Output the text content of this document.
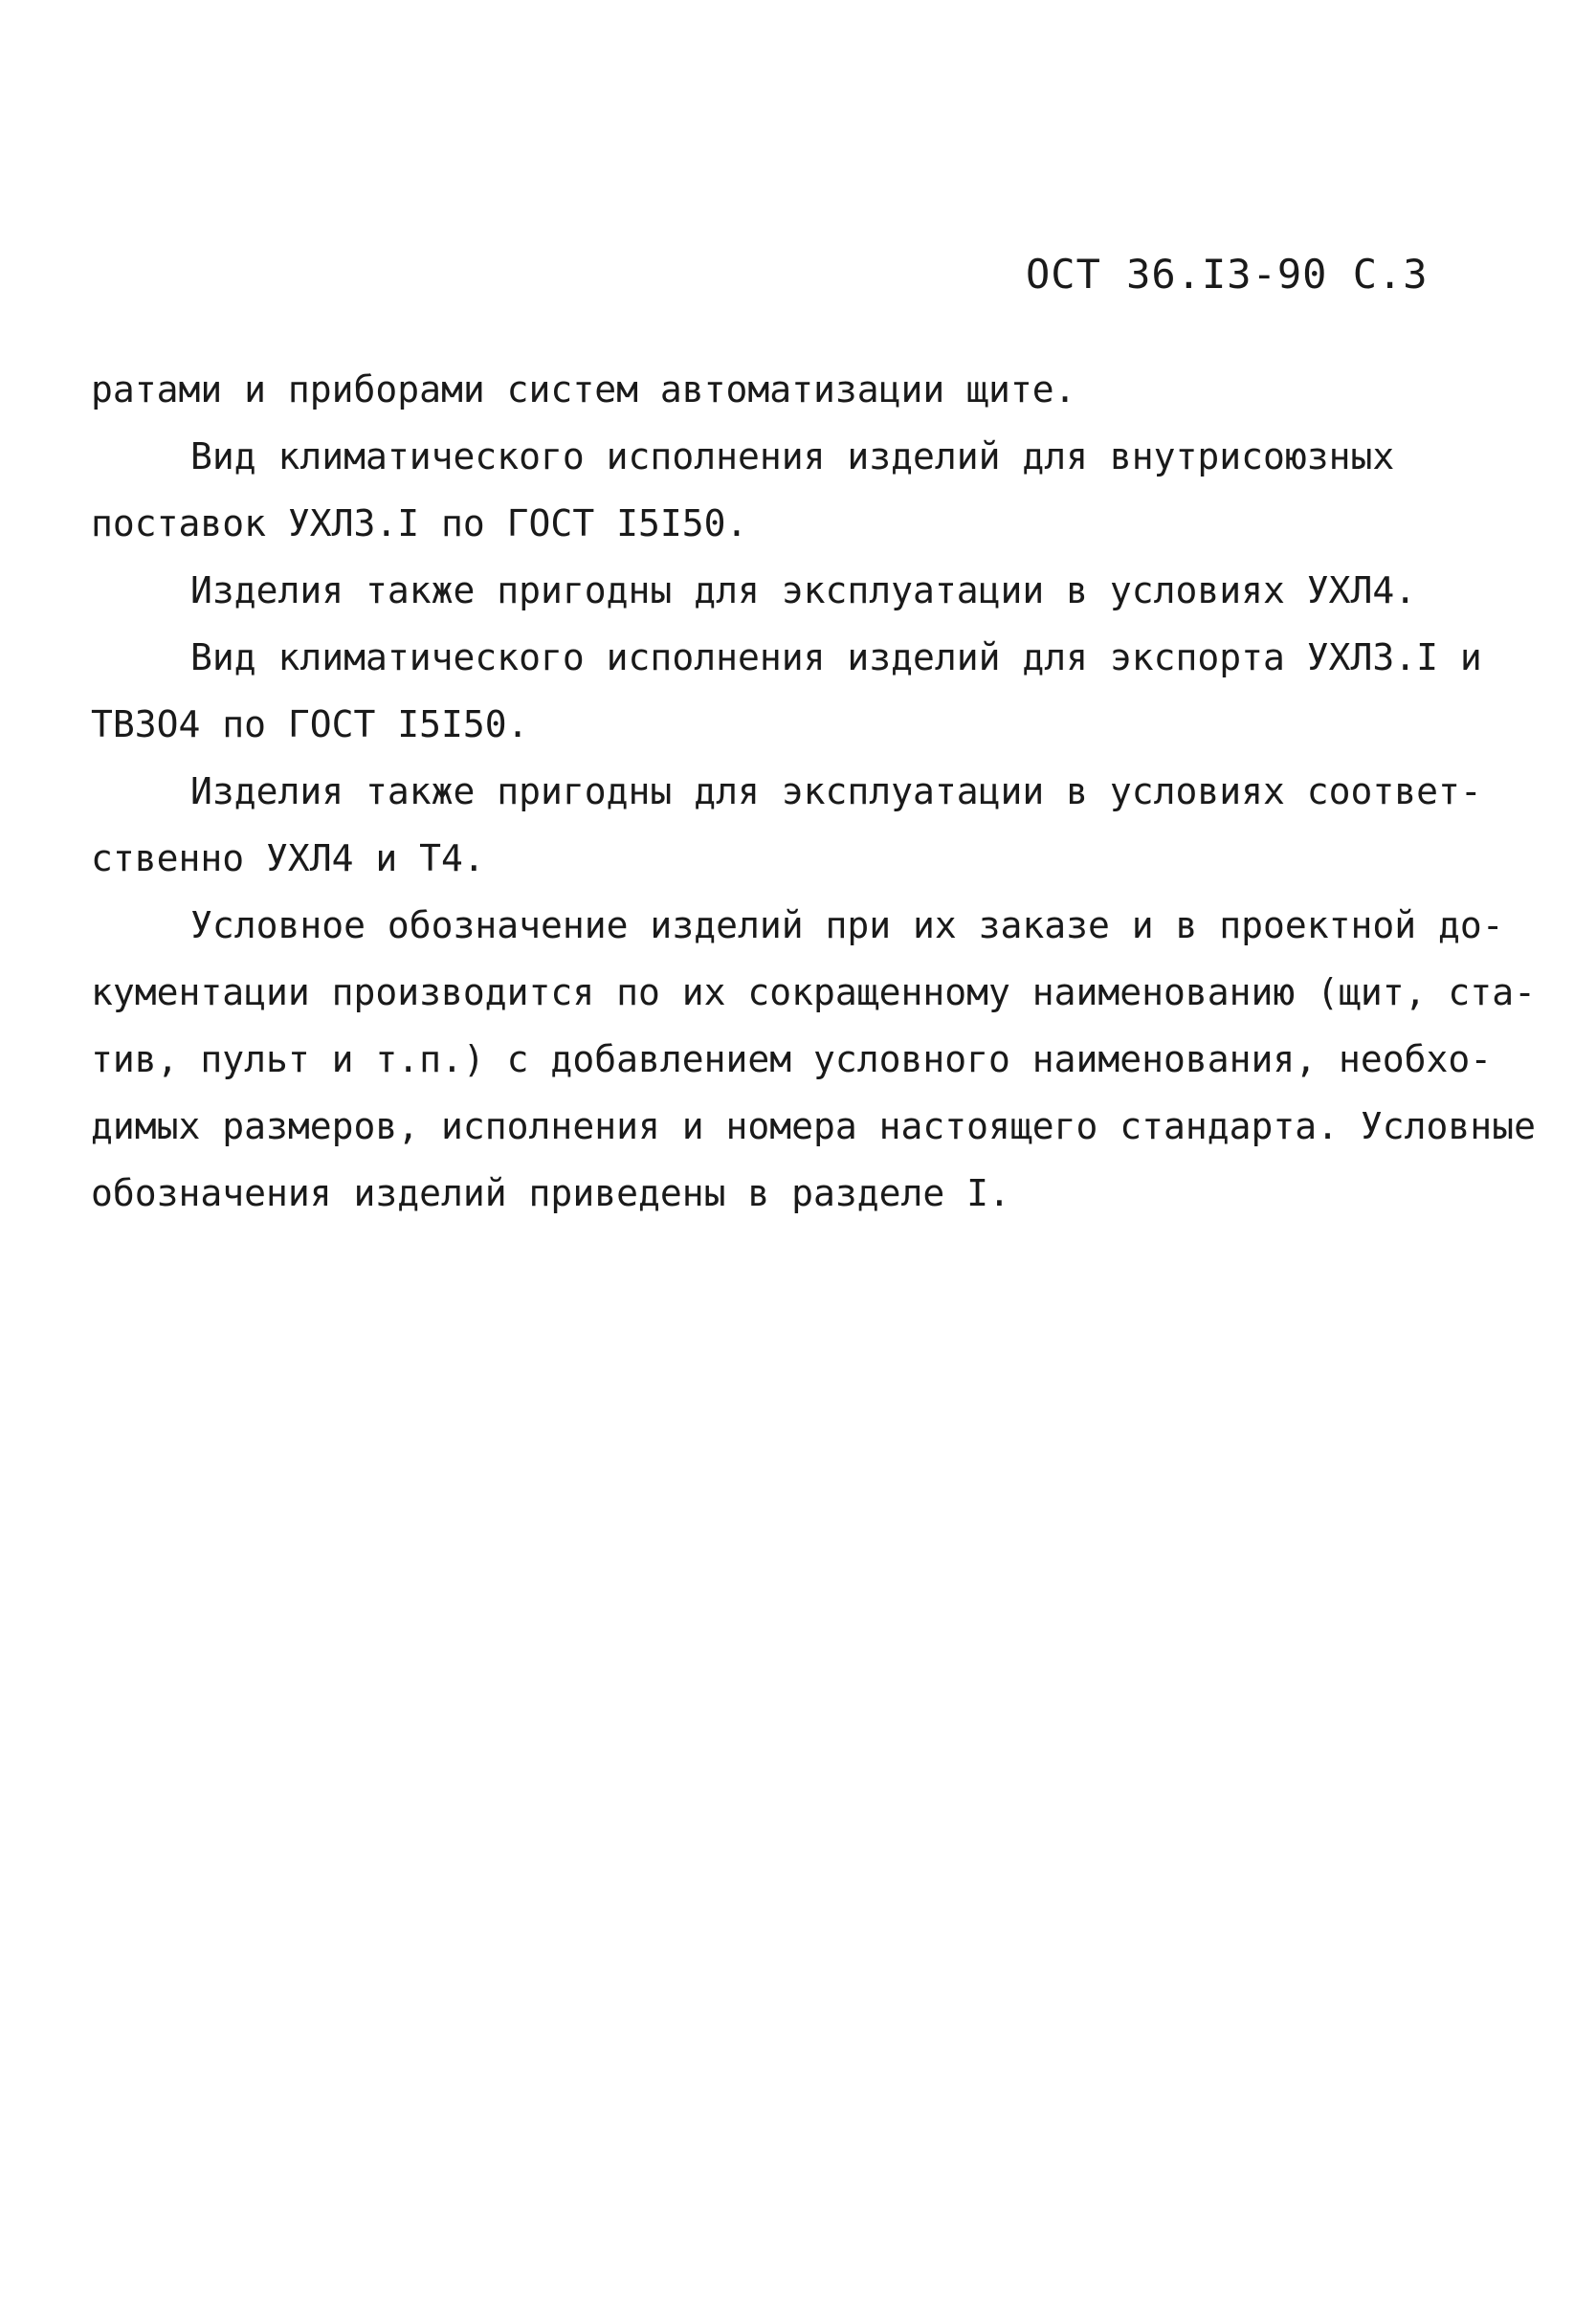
ОСТ 36.I3-90 С.3

ратами и приборами систем автоматизации щите.

Вид климатического исполнения изделий для внутрисоюзных

поставок УХЛ3.I по ГОСТ I5I50.

Изделия также пригодны для эксплуатации в условиях УХЛ4.

Вид климатического исполнения изделий для экспорта УХЛ3.I и

ТВ3О4 по ГОСТ I5I50.

Изделия также пригодны для эксплуатации в условиях соответ-

ственно УХЛ4 и Т4.

Условное обозначение изделий при их заказе и в проектной до-

кументации производится по их сокращенному наименованию (щит, ста-

тив, пульт и т.п.) с добавлением условного наименования, необхо-

димых размеров, исполнения и номера настоящего стандарта. Условные

обозначения изделий приведены в разделе I.
